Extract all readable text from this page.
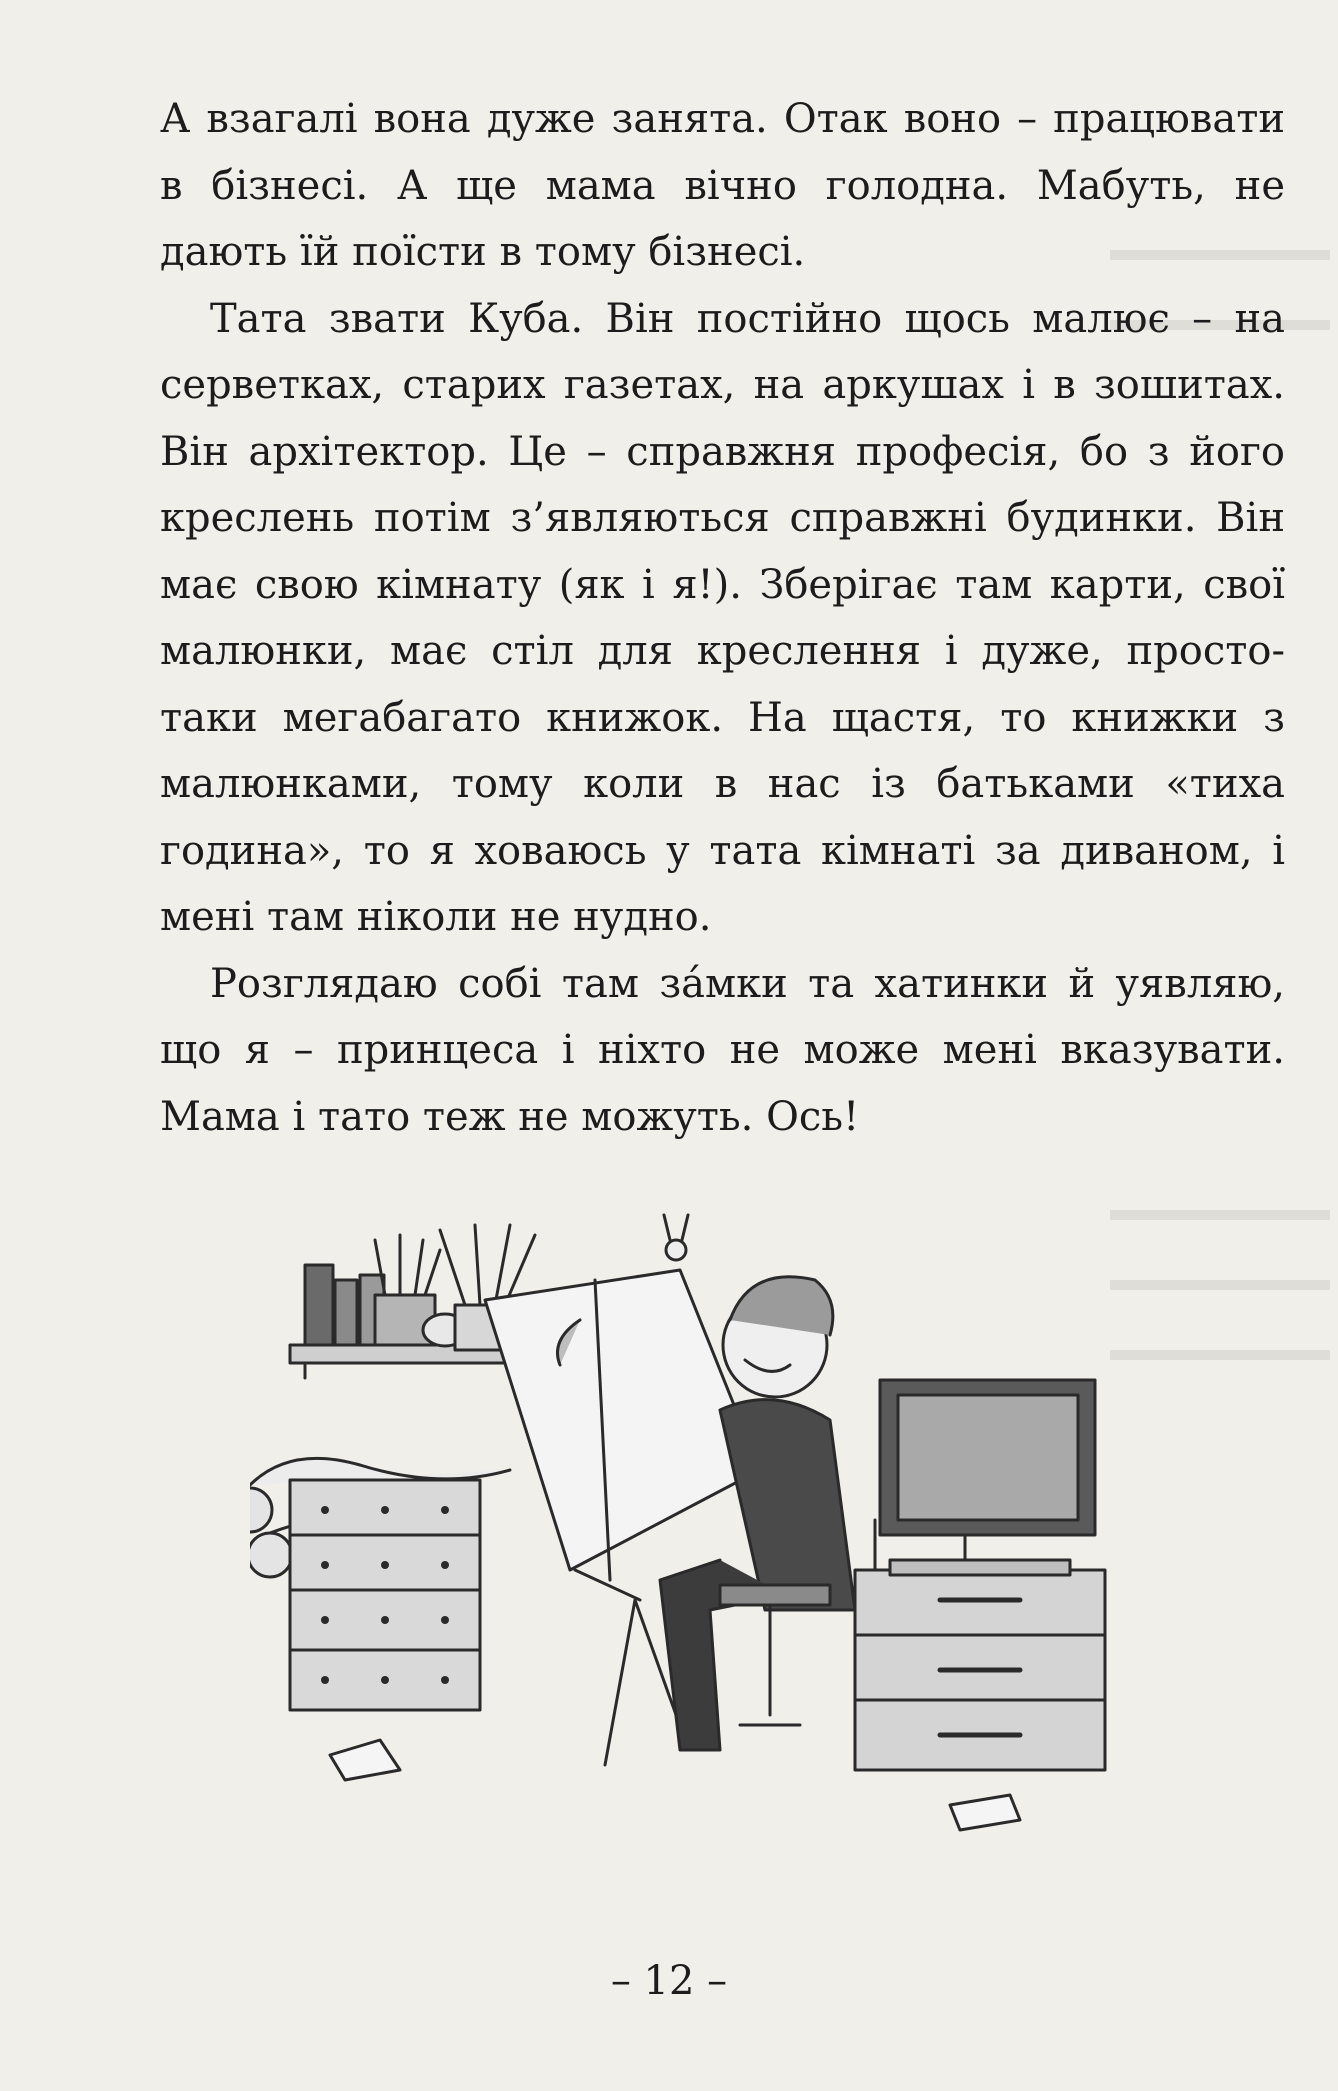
А взагалі вона дуже занята. Отак воно – працювати в бізнесі. А ще мама вічно голодна. Мабуть, не дають їй поїсти в тому бізнесі.

Тата звати Куба. Він постійно щось малює – на серветках, старих газетах, на аркушах і в зошитах. Він архітектор. Це – справжня професія, бо з його креслень потім з’являються справжні будинки. Він має свою кімнату (як і я!). Зберігає там карти, свої малюнки, має стіл для креслення і дуже, просто-таки мегабагато книжок. На щастя, то книжки з малюнками, тому коли в нас із батьками «тиха година», то я ховаюсь у тата кімнаті за диваном, і мені там ніколи не нудно.

Розглядаю собі там за́мки та хатинки й уявляю, що я – принцеса і ніхто не може мені вказувати. Мама і тато теж не можуть. Ось!

– 12 –
